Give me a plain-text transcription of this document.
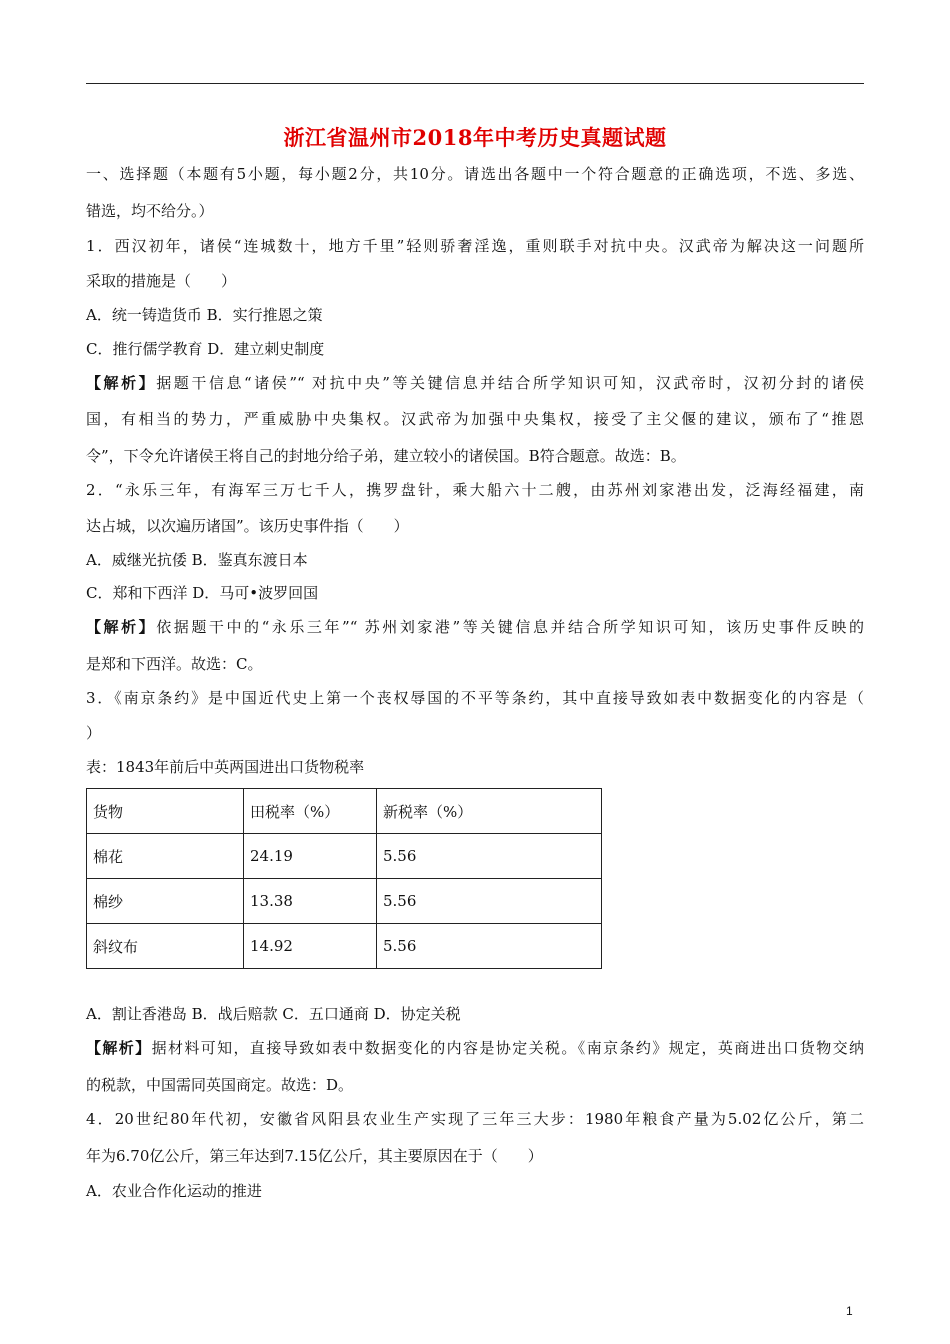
浙江省温州市2018年中考历史真题试题
一、选择题（本题有5小题，每小题2分，共10分。请选出各题中一个符合题意的正确选项，不选、多选、
错选，均不给分。）
1．西汉初年，诸侯“连城数十，地方千里”轻则骄奢淫逸，重则联手对抗中央。汉武帝为解决这一问题所
采取的措施是（　　）
A．统一铸造货币 B．实行推恩之策
C．推行儒学教育 D．建立刺史制度
【解析】据题干信息“诸侯”“ 对抗中央”等关键信息并结合所学知识可知，汉武帝时，汉初分封的诸侯
国，有相当的势力，严重威胁中央集权。汉武帝为加强中央集权，接受了主父偃的建议，颁布了“推恩
令”，下令允许诸侯王将自己的封地分给子弟，建立较小的诸侯国。B符合题意。故选：B。
2．“永乐三年，有海军三万七千人，携罗盘针，乘大船六十二艘，由苏州刘家港出发，泛海经福建，南
达占城，以次遍历诸国”。该历史事件指（　　）
A．威继光抗倭 B．鉴真东渡日本
C．郑和下西洋 D．马可•波罗回国
【解析】依据题干中的“永乐三年”“ 苏州刘家港”等关键信息并结合所学知识可知，该历史事件反映的
是郑和下西洋。故选：C。
3．《南京条约》是中国近代史上第一个丧权辱国的不平等条约，其中直接导致如表中数据变化的内容是（
）
表：1843年前后中英两国进出口货物税率
货物	田税率（%）	新税率（%）
棉花	24.19	5.56
棉纱	13.38	5.56
斜纹布	14.92	5.56
A．割让香港岛 B．战后赔款 C．五口通商 D．协定关税
【解析】据材料可知，直接导致如表中数据变化的内容是协定关税。《南京条约》规定，英商进出口货物交纳
的税款，中国需同英国商定。故选：D。
4．20世纪80年代初，安徽省风阳县农业生产实现了三年三大步：1980年粮食产量为5.02亿公斤，第二
年为6.70亿公斤，第三年达到7.15亿公斤，其主要原因在于（　　）
A．农业合作化运动的推进
1
